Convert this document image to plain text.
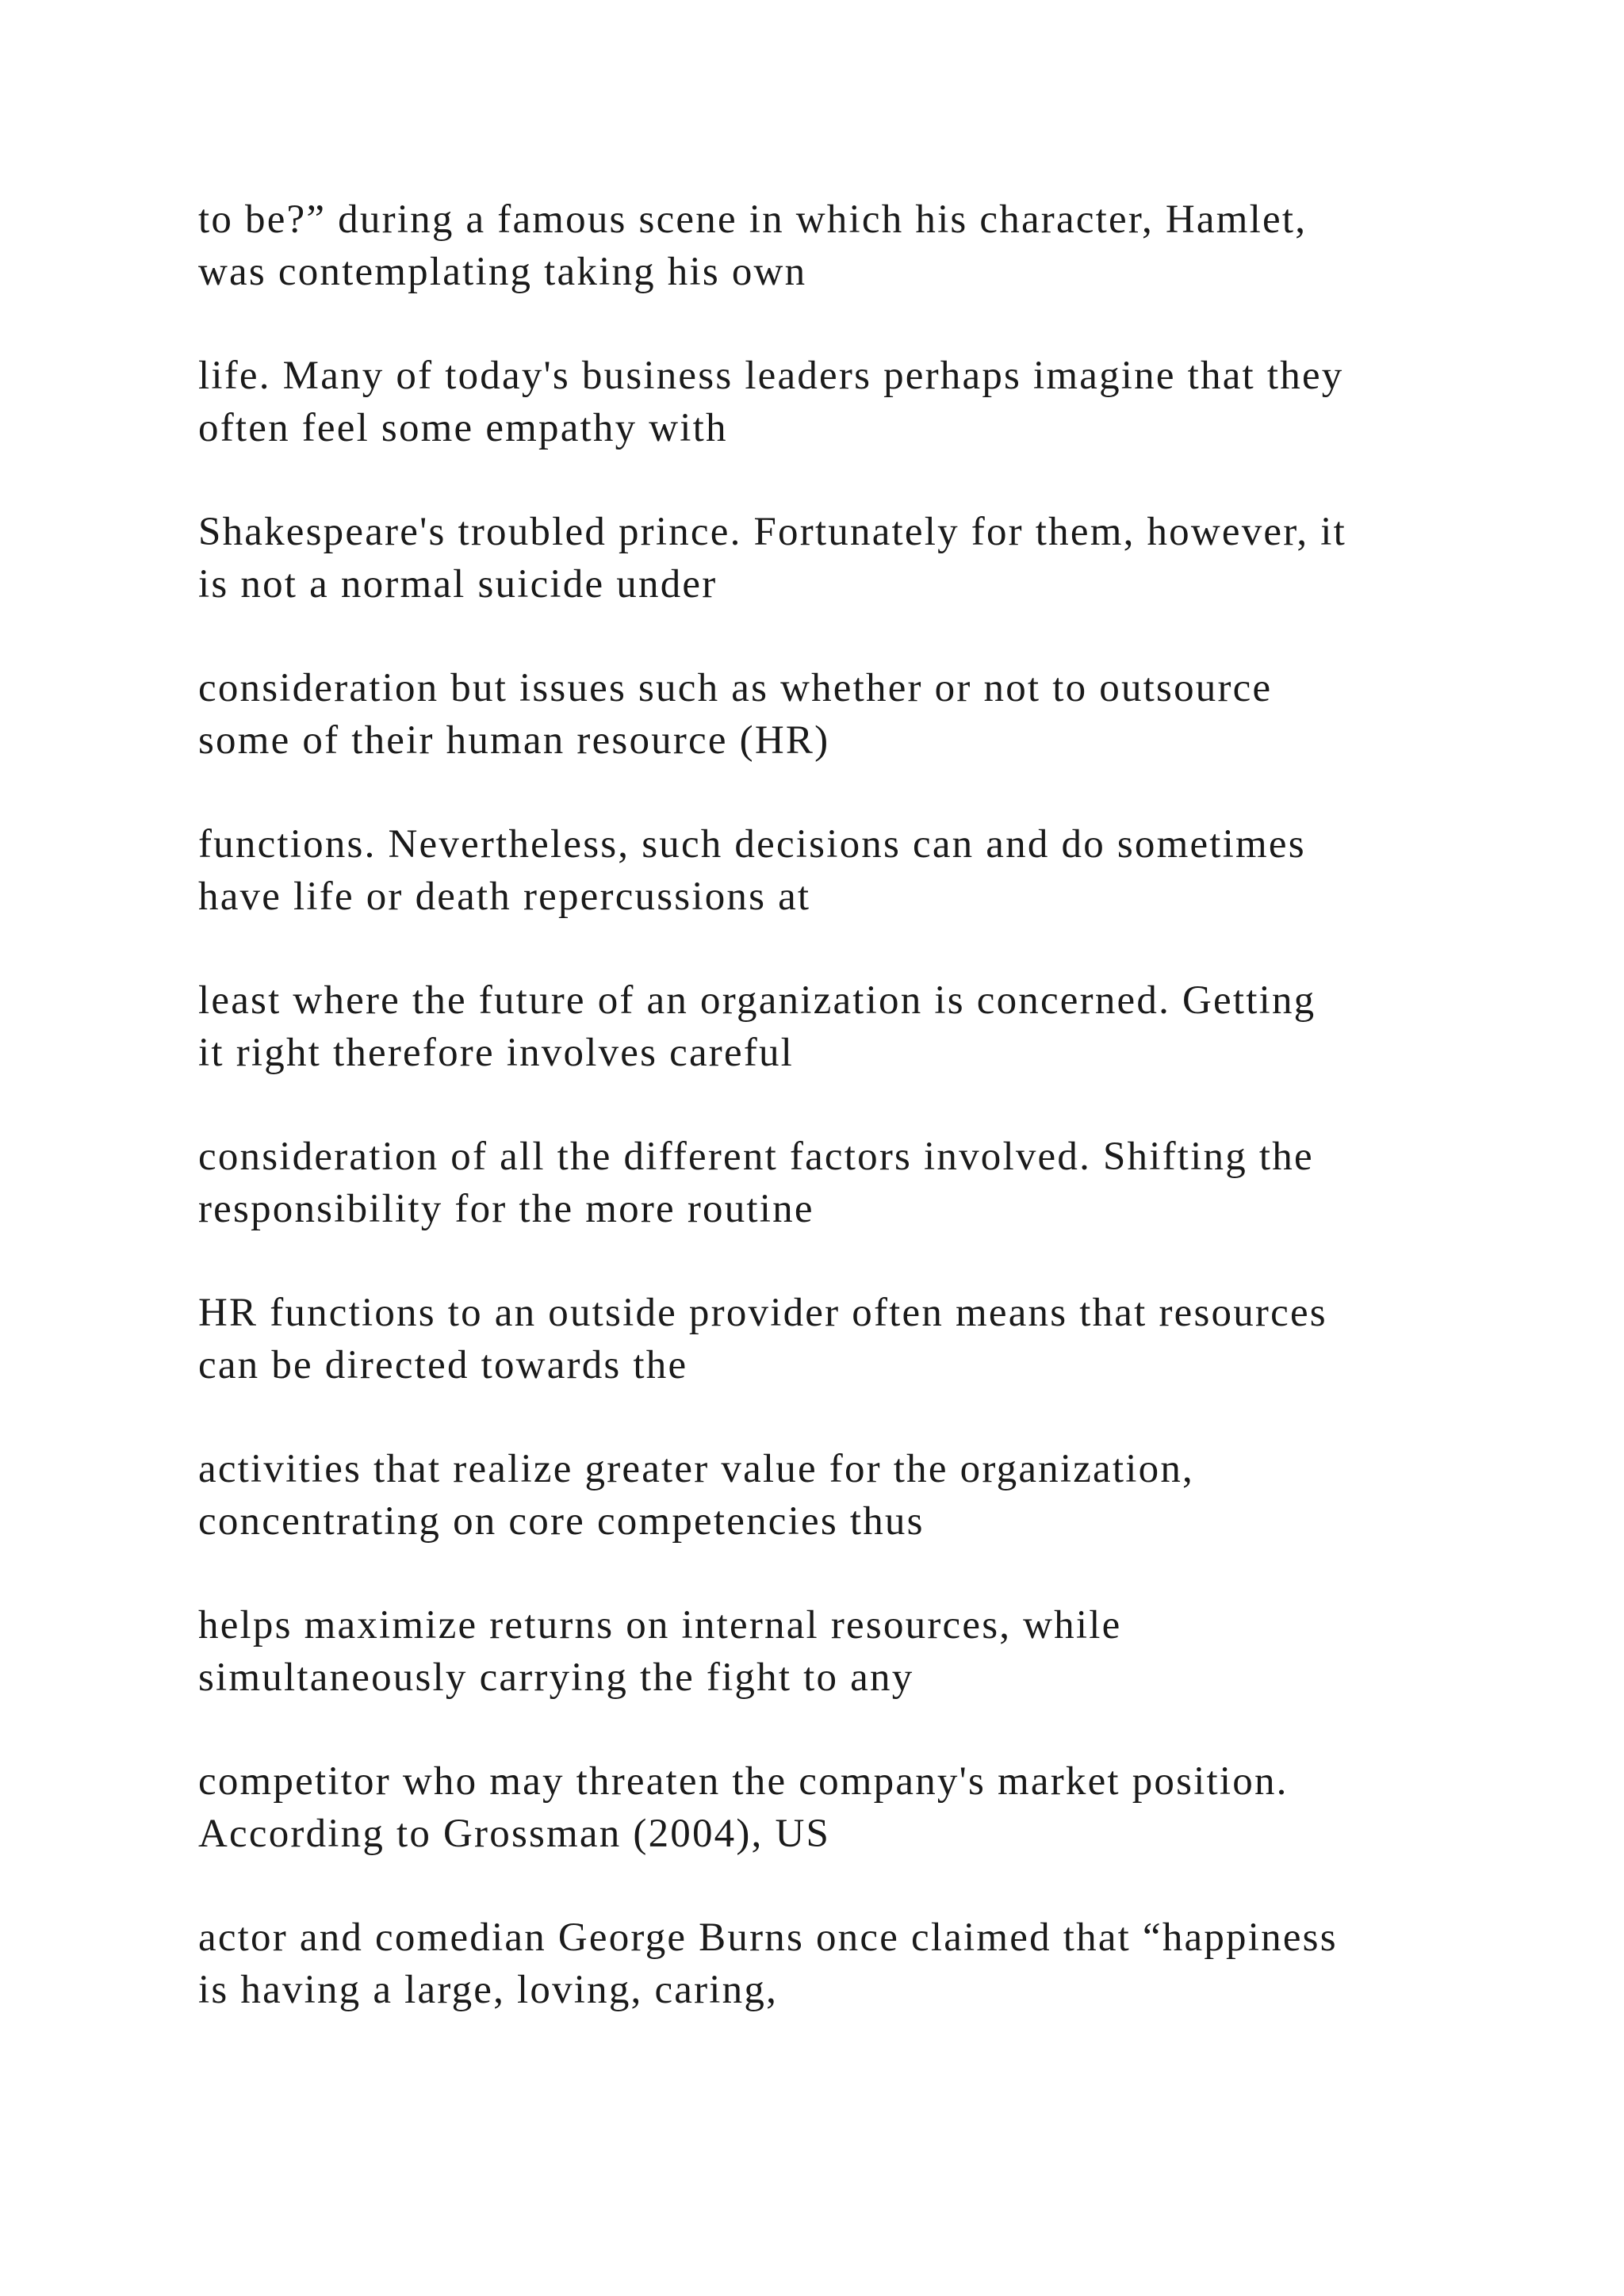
to be?” during a famous scene in which his character, Hamlet,
was contemplating taking his own

life. Many of today's business leaders perhaps imagine that they
often feel some empathy with

Shakespeare's troubled prince. Fortunately for them, however, it
is not a normal suicide under

consideration but issues such as whether or not to outsource
some of their human resource (HR)

functions. Nevertheless, such decisions can and do sometimes
have life or death repercussions at

least where the future of an organization is concerned. Getting
it right therefore involves careful

consideration of all the different factors involved. Shifting the
responsibility for the more routine

HR functions to an outside provider often means that resources
can be directed towards the

activities that realize greater value for the organization,
concentrating on core competencies thus

helps maximize returns on internal resources, while
simultaneously carrying the fight to any

competitor who may threaten the company's market position.
According to Grossman (2004), US

actor and comedian George Burns once claimed that “happiness
is having a large, loving, caring,
